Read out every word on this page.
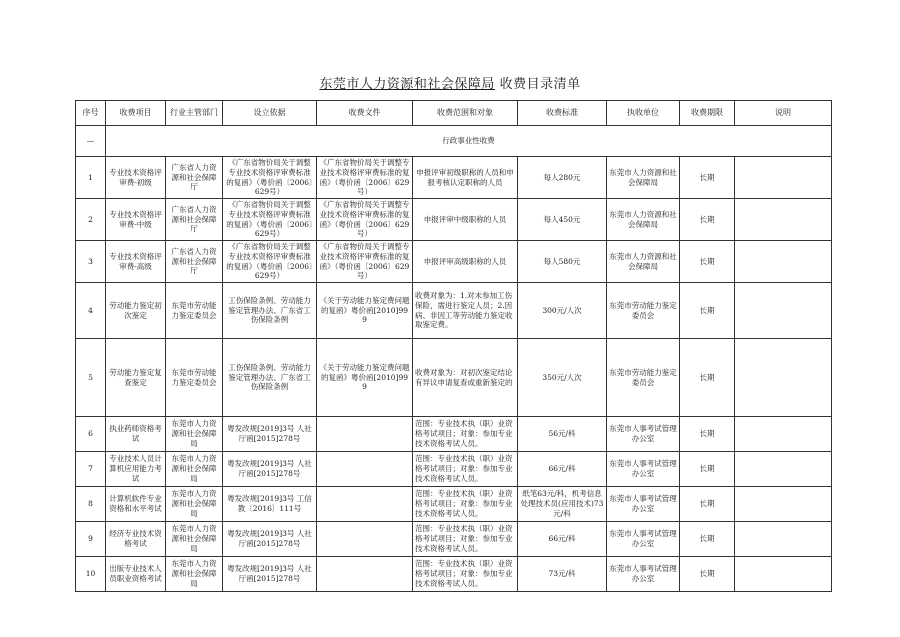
东莞市人力资源和社会保障局 收费目录清单
序号	收费项目	行业主管部门	设立依据	收费文件	收费范围和对象	收费标准	执收单位	收费期限	说明
—	行政事业性收费								
1	专业技术资格评审费-初级	广东省人力资源和社会保障厅	《广东省物价局关于调整专业技术资格评审费标准的复函》（粤价函〔2006〕629号）	《广东省物价局关于调整专业技术资格评审费标准的复函》（粤价函〔2006〕629号）	申报评审初级职称的人员和申报考核认定职称的人员	每人280元	东莞市人力资源和社会保障局	长期	
2	专业技术资格评审费-中级	广东省人力资源和社会保障厅	《广东省物价局关于调整专业技术资格评审费标准的复函》（粤价函〔2006〕629号）	《广东省物价局关于调整专业技术资格评审费标准的复函》（粤价函〔2006〕629号）	申报评审中级职称的人员	每人450元	东莞市人力资源和社会保障局	长期	
3	专业技术资格评审费-高级	广东省人力资源和社会保障厅	《广东省物价局关于调整专业技术资格评审费标准的复函》（粤价函〔2006〕629号）	《广东省物价局关于调整专业技术资格评审费标准的复函》（粤价函〔2006〕629号）	申报评审高级职称的人员	每人580元	东莞市人力资源和社会保障局	长期	
4	劳动能力鉴定初次鉴定	东莞市劳动能力鉴定委员会	工伤保险条例、劳动能力鉴定管理办法、广东省工伤保险条例	《关于劳动能力鉴定费问题的复函》粤价函[2010]999	收费对象为：1.对未参加工伤保险，需进行鉴定人员；2.因病、非因工等劳动能力鉴定收取鉴定费。	300元/人次	东莞市劳动能力鉴定委员会	长期	
5	劳动能力鉴定复查鉴定	东莞市劳动能力鉴定委员会	工伤保险条例、劳动能力鉴定管理办法、广东省工伤保险条例	《关于劳动能力鉴定费问题的复函》粤价函[2010]999	收费对象为：对初次鉴定结论有异议申请复查或重新鉴定的	350元/人次	东莞市劳动能力鉴定委员会	长期	
6	执业药师资格考试	东莞市人力资源和社会保障局	粤发改规[2019]3号 人社厅函[2015]278号		范围：专业技术执（职）业资格考试项目；对象：参加专业技术资格考试人员。	56元/科	东莞市人事考试管理办公室	长期	
7	专业技术人员计算机应用能力考试	东莞市人力资源和社会保障局	粤发改规[2019]3号 人社厅函[2015]278号		范围：专业技术执（职）业资格考试项目；对象：参加专业技术资格考试人员。	66元/科	东莞市人事考试管理办公室	长期	
8	计算机软件专业资格和水平考试	东莞市人力资源和社会保障局	粤发改规[2019]3号 工信教〔2016〕111号		范围：专业技术执（职）业资格考试项目；对象：参加专业技术资格考试人员。	纸笔63元/科，机考信息处理技术员(应用技术)73元/科	东莞市人事考试管理办公室	长期	
9	经济专业技术资格考试	东莞市人力资源和社会保障局	粤发改规[2019]3号 人社厅函[2015]278号		范围：专业技术执（职）业资格考试项目；对象：参加专业技术资格考试人员。	66元/科	东莞市人事考试管理办公室	长期	
10	出版专业技术人员职业资格考试	东莞市人力资源和社会保障局	粤发改规[2019]3号 人社厅函[2015]278号		范围：专业技术执（职）业资格考试项目；对象：参加专业技术资格考试人员。	73元/科	东莞市人事考试管理办公室	长期	
